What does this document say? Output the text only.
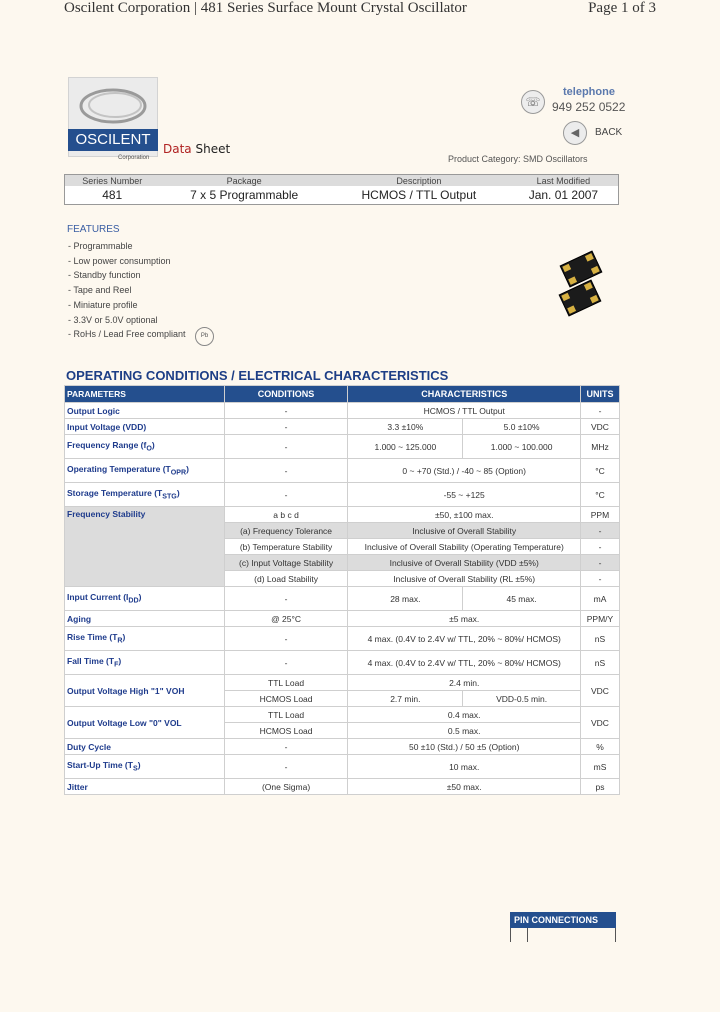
Oscilent Corporation | 481 Series Surface Mount Crystal Oscillator	Page 1 of 3
OSCILENT
Corporation
Data Sheet
☏
telephone
949 252 0522
◀	BACK
Product Category: SMD Oscillators
Series Number	Package	Description	Last Modified
481	7 x 5 Programmable	HCMOS / TTL Output	Jan. 01 2007
FEATURES
- Programmable
- Low power consumption
- Standby function
- Tape and Reel
- Miniature profile
- 3.3V or 5.0V optional
- RoHs / Lead Free compliant	Pb
OPERATING CONDITIONS / ELECTRICAL CHARACTERISTICS
PARAMETERS	CONDITIONS	CHARACTERISTICS		UNITS
Output Logic	-	HCMOS / TTL Output		-
Input Voltage (VDD)	-	3.3 ±10%	5.0 ±10%	VDC
Frequency Range $(f_O)$	-	1.000 ~ 125.000	1.000 ~ 100.000	MHz
Operating Temperature $(T_{OPR})$	-	0 ~ +70 (Std.) / -40 ~ 85 (Option)		°C
Storage Temperature $(T_{STG})$	-	-55 ~ +125		°C
Frequency Stability	a b c d	±50, ±100 max.		PPM
	(a) Frequency Tolerance	Inclusive of Overall Stability		-
	(b) Temperature Stability	Inclusive of Overall Stability (Operating Temperature)		-
	(c) Input Voltage Stability	Inclusive of Overall Stability (VDD ±5%)		-
	(d) Load Stability	Inclusive of Overall Stability (RL ±5%)		-
Input Current $(I_{DD})$	-	28 max.	45 max.	mA
Aging	@ 25°C	±5 max.		PPM/Y
Rise Time $(T_R)$	-	4 max. (0.4V to 2.4V w/ TTL, 20% ~ 80%/ HCMOS)		nS
Fall Time $(T_F)$	-	4 max. (0.4V to 2.4V w/ TTL, 20% ~ 80%/ HCMOS)		nS
Output Voltage High "1" VOH	TTL Load	2.4 min.		VDC
	HCMOS Load	2.7 min.	VDD-0.5 min.	
Output Voltage Low "0" VOL	TTL Load	0.4 max.		VDC
	HCMOS Load	0.5 max.		
Duty Cycle	-	50 ±10 (Std.) / 50 ±5 (Option)		%
Start-Up Time $(T_S)$	-	10 max.		mS
Jitter	(One Sigma)	±50 max.		ps
PIN CONNECTIONS
